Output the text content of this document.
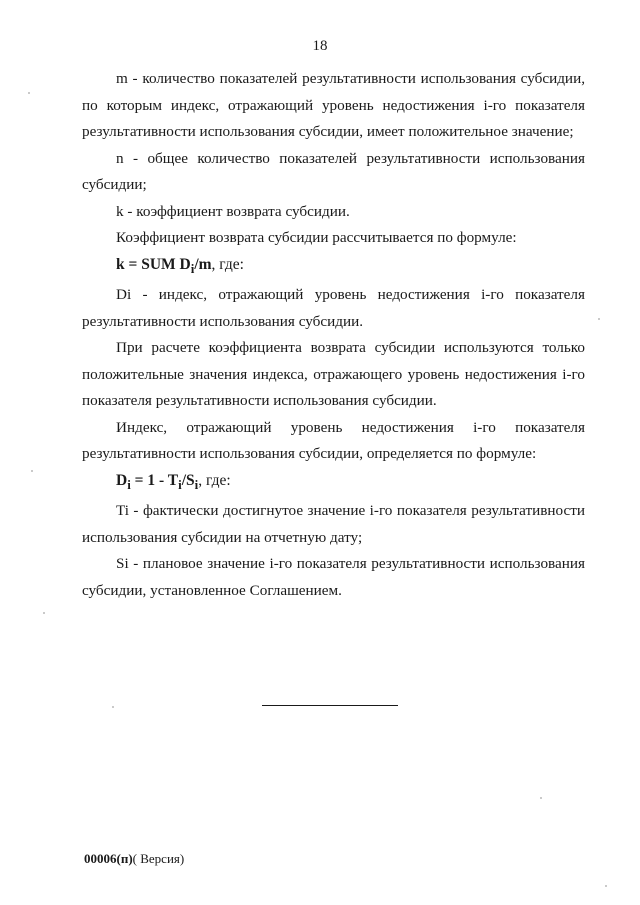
18

m - количество показателей результативности использования субсидии, по которым индекс, отражающий уровень недостижения i-го показателя результативности использования субсидии, имеет положительное значение;

n - общее количество показателей результативности использования субсидии;

k - коэффициент возврата субсидии.

Коэффициент возврата субсидии рассчитывается по формуле:

k = SUM $D_i/m$, где:

Di - индекс, отражающий уровень недостижения i-го показателя результативности использования субсидии.

При расчете коэффициента возврата субсидии используются только положительные значения индекса, отражающего уровень недостижения i-го показателя результативности использования субсидии.

Индекс, отражающий уровень недостижения i-го показателя результативности использования субсидии, определяется по формуле:

$D_i = 1 - T_i/S_i$, где:

Ti - фактически достигнутое значение i-го показателя результативности использования субсидии на отчетную дату;

Si - плановое значение i-го показателя результативности использования субсидии, установленное Соглашением.

00006(п)( Версия)
